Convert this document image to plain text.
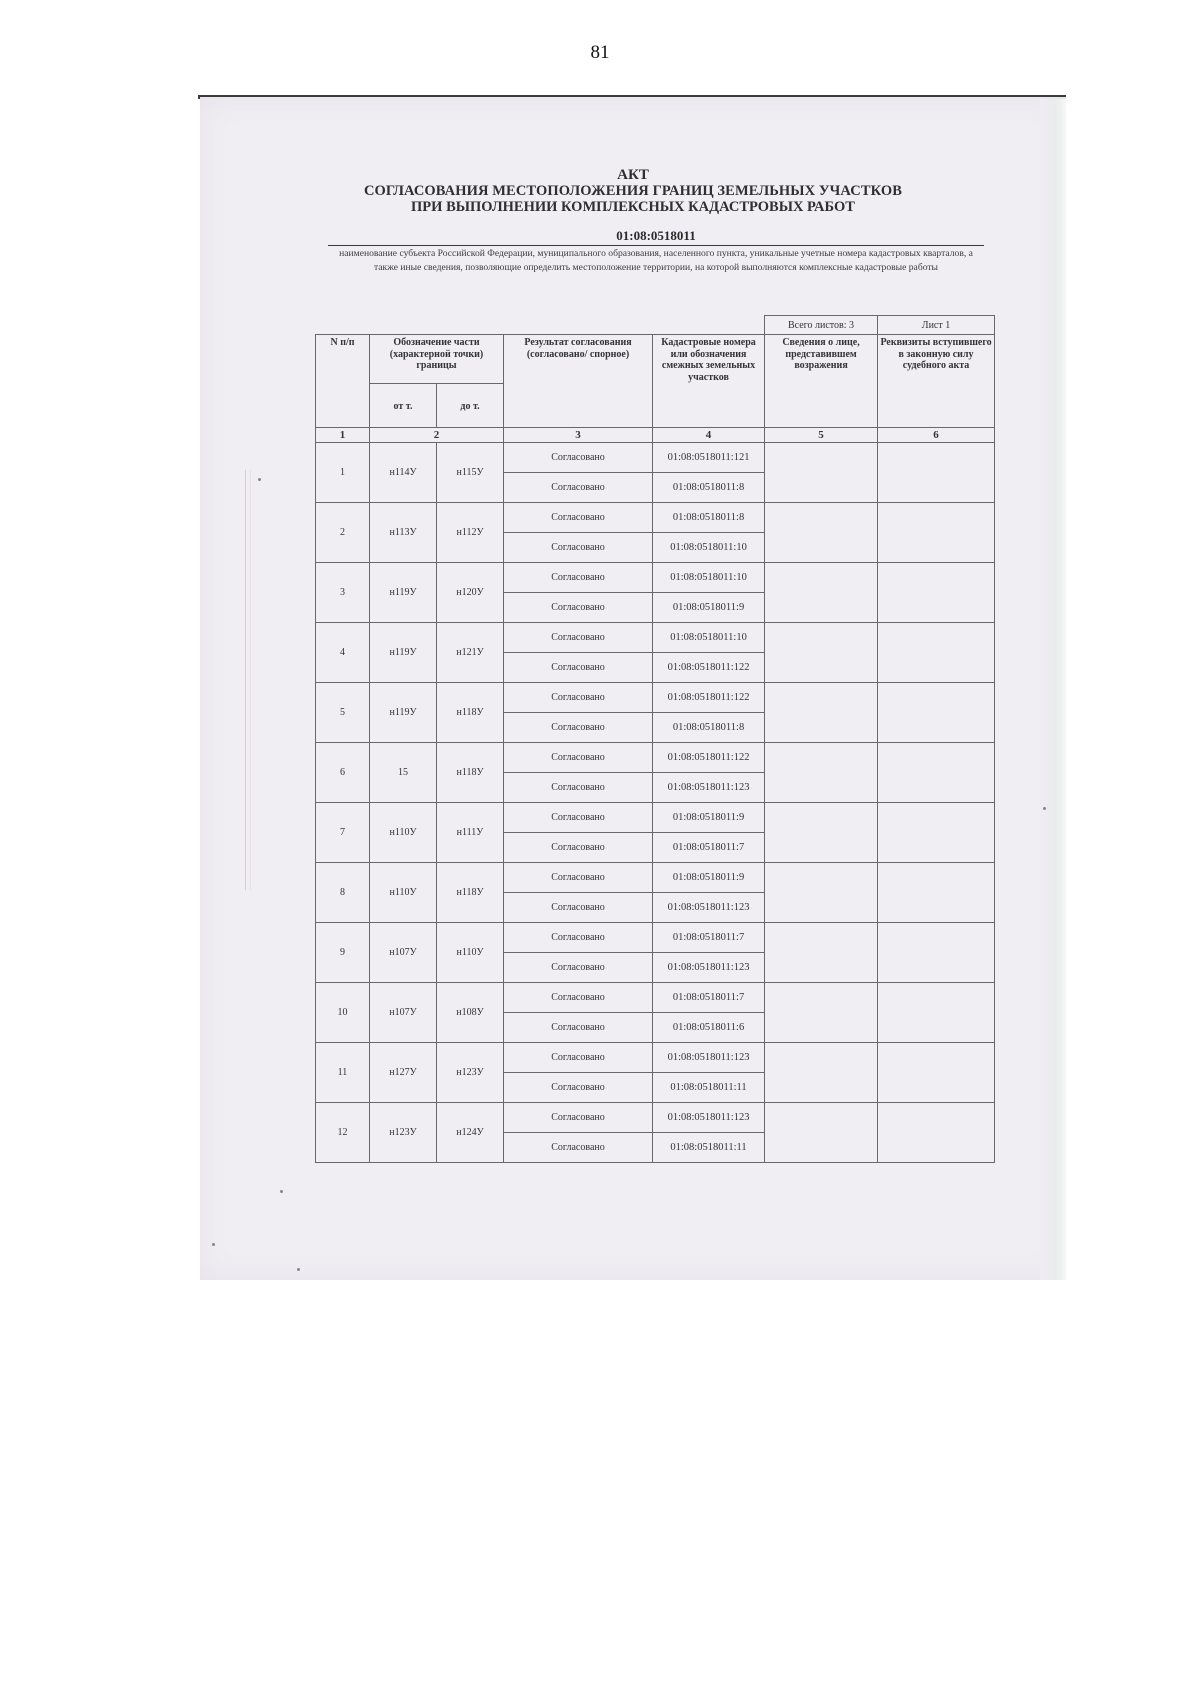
81
АКТ
СОГЛАСОВАНИЯ МЕСТОПОЛОЖЕНИЯ ГРАНИЦ ЗЕМЕЛЬНЫХ УЧАСТКОВ
ПРИ ВЫПОЛНЕНИИ КОМПЛЕКСНЫХ КАДАСТРОВЫХ РАБОТ
01:08:0518011
наименование субъекта Российской Федерации, муниципального образования, населенного пункта, уникальные учетные номера кадастровых кварталов, а также иные сведения, позволяющие определить местоположение территории, на которой выполняются комплексные кадастровые работы
					Всего листов: 3	Лист 1
N п/п	Обозначение части (характерной точки) границы		Результат согласования (согласовано/ спорное)	Кадастровые номера или обозначения смежных земельных участков	Сведения о лице, представившем возражения	Реквизиты вступившего в законную силу судебного акта
	от т.	до т.				
1	2		3	4	5	6
1	н114У	н115У	Согласовано	01:08:0518011:121		
			Согласовано	01:08:0518011:8		
2	н113У	н112У	Согласовано	01:08:0518011:8		
			Согласовано	01:08:0518011:10		
3	н119У	н120У	Согласовано	01:08:0518011:10		
			Согласовано	01:08:0518011:9		
4	н119У	н121У	Согласовано	01:08:0518011:10		
			Согласовано	01:08:0518011:122		
5	н119У	н118У	Согласовано	01:08:0518011:122		
			Согласовано	01:08:0518011:8		
6	15	н118У	Согласовано	01:08:0518011:122		
			Согласовано	01:08:0518011:123		
7	н110У	н111У	Согласовано	01:08:0518011:9		
			Согласовано	01:08:0518011:7		
8	н110У	н118У	Согласовано	01:08:0518011:9		
			Согласовано	01:08:0518011:123		
9	н107У	н110У	Согласовано	01:08:0518011:7		
			Согласовано	01:08:0518011:123		
10	н107У	н108У	Согласовано	01:08:0518011:7		
			Согласовано	01:08:0518011:6		
11	н127У	н123У	Согласовано	01:08:0518011:123		
			Согласовано	01:08:0518011:11		
12	н123У	н124У	Согласовано	01:08:0518011:123		
			Согласовано	01:08:0518011:11		
